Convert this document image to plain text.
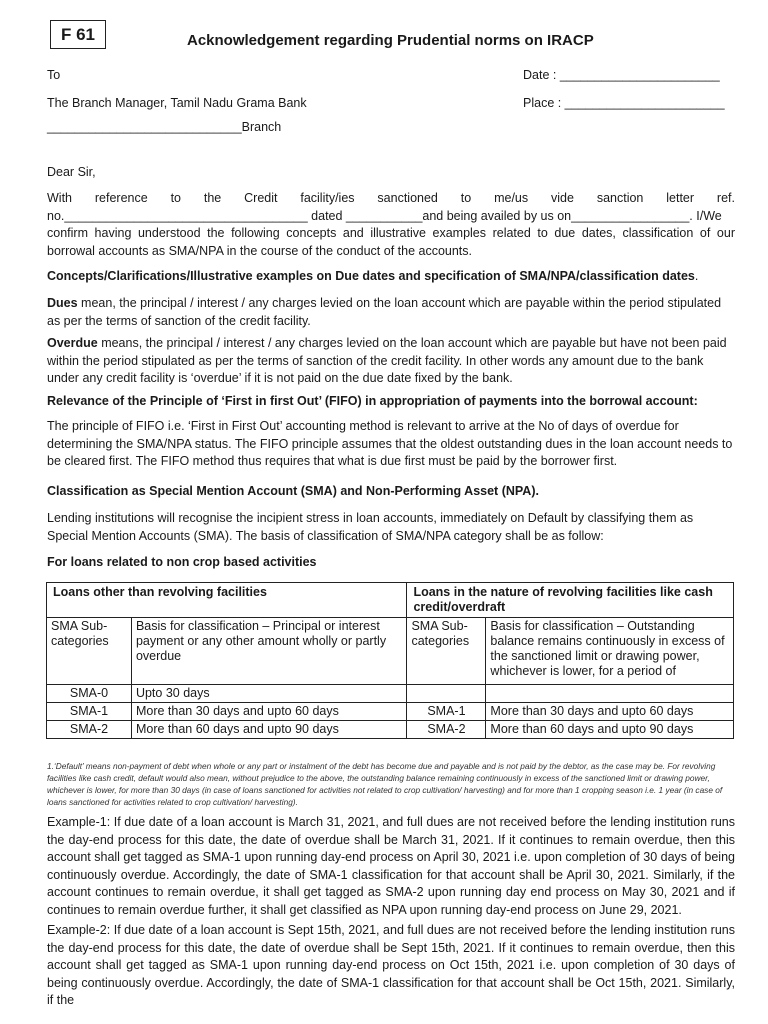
F 61	Acknowledgement regarding Prudential norms on IRACP
To	Date : _______________________
The Branch Manager, Tamil Nadu Grama Bank	Place : _______________________
____________________________Branch
Dear Sir,
With reference to the Credit facility/ies sanctioned to me/us vide sanction letter ref.
no.___________________________________ dated ___________and being availed by us on_________________. I/We
confirm having understood the following concepts and illustrative examples related to due dates, classification of our borrowal accounts as SMA/NPA in the course of the conduct of the accounts.
Concepts/Clarifications/Illustrative examples on Due dates and specification of SMA/NPA/classification dates.
Dues mean, the principal / interest / any charges levied on the loan account which are payable within the period stipulated as per the terms of sanction of the credit facility.
Overdue means, the principal / interest / any charges levied on the loan account which are payable but have not been paid within the period stipulated as per the terms of sanction of the credit facility. In other words any amount due to the bank under any credit facility is ‘overdue’ if it is not paid on the due date fixed by the bank.
Relevance of the Principle of ‘First in first Out’ (FIFO) in appropriation of payments into the borrowal account:
The principle of FIFO i.e. ‘First in First Out’ accounting method is relevant to arrive at the No of days of overdue for determining the SMA/NPA status. The FIFO principle assumes that the oldest outstanding dues in the loan account needs to be cleared first. The FIFO method thus requires that what is due first must be paid by the borrower first.
Classification as Special Mention Account (SMA) and Non-Performing Asset (NPA).
Lending institutions will recognise the incipient stress in loan accounts, immediately on Default by classifying them as Special Mention Accounts (SMA). The basis of classification of SMA/NPA category shall be as follow:
For loans related to non crop based activities
Loans other than revolving facilities		Loans in the nature of revolving facilities like cash credit/overdraft	
SMA Sub-categories	Basis for classification – Principal or interest payment or any other amount wholly or partly overdue	SMA Sub-categories	Basis for classification – Outstanding balance remains continuously in excess of the sanctioned limit or drawing power, whichever is lower, for a period of
SMA-0	Upto 30 days		
SMA-1	More than 30 days and upto 60 days	SMA-1	More than 30 days and upto 60 days
SMA-2	More than 60 days and upto 90 days	SMA-2	More than 60 days and upto 90 days
1.‘Default’ means non-payment of debt when whole or any part or instalment of the debt has become due and payable and is not paid by the debtor, as the case may be. For revolving facilities like cash credit, default would also mean, without prejudice to the above, the outstanding balance remaining continuously in excess of the sanctioned limit or drawing power, whichever is lower, for more than 30 days (in case of loans sanctioned for activities not related to crop cultivation/ harvesting) and for more than 1 cropping season i.e. 1 year (in case of loans sanctioned for activities related to crop cultivation/ harvesting).
Example-1: If due date of a loan account is March 31, 2021, and full dues are not received before the lending institution runs the day-end process for this date, the date of overdue shall be March 31, 2021. If it continues to remain overdue, then this account shall get tagged as SMA-1 upon running day-end process on April 30, 2021 i.e. upon completion of 30 days of being continuously overdue. Accordingly, the date of SMA-1 classification for that account shall be April 30, 2021. Similarly, if the account continues to remain overdue, it shall get tagged as SMA-2 upon running day end process on May 30, 2021 and if continues to remain overdue further, it shall get classified as NPA upon running day-end process on June 29, 2021.
Example-2: If due date of a loan account is Sept 15th, 2021, and full dues are not received before the lending institution runs the day-end process for this date, the date of overdue shall be Sept 15th, 2021. If it continues to remain overdue, then this account shall get tagged as SMA-1 upon running day-end process on Oct 15th, 2021 i.e. upon completion of 30 days of being continuously overdue. Accordingly, the date of SMA-1 classification for that account shall be Oct 15th, 2021. Similarly, if the
